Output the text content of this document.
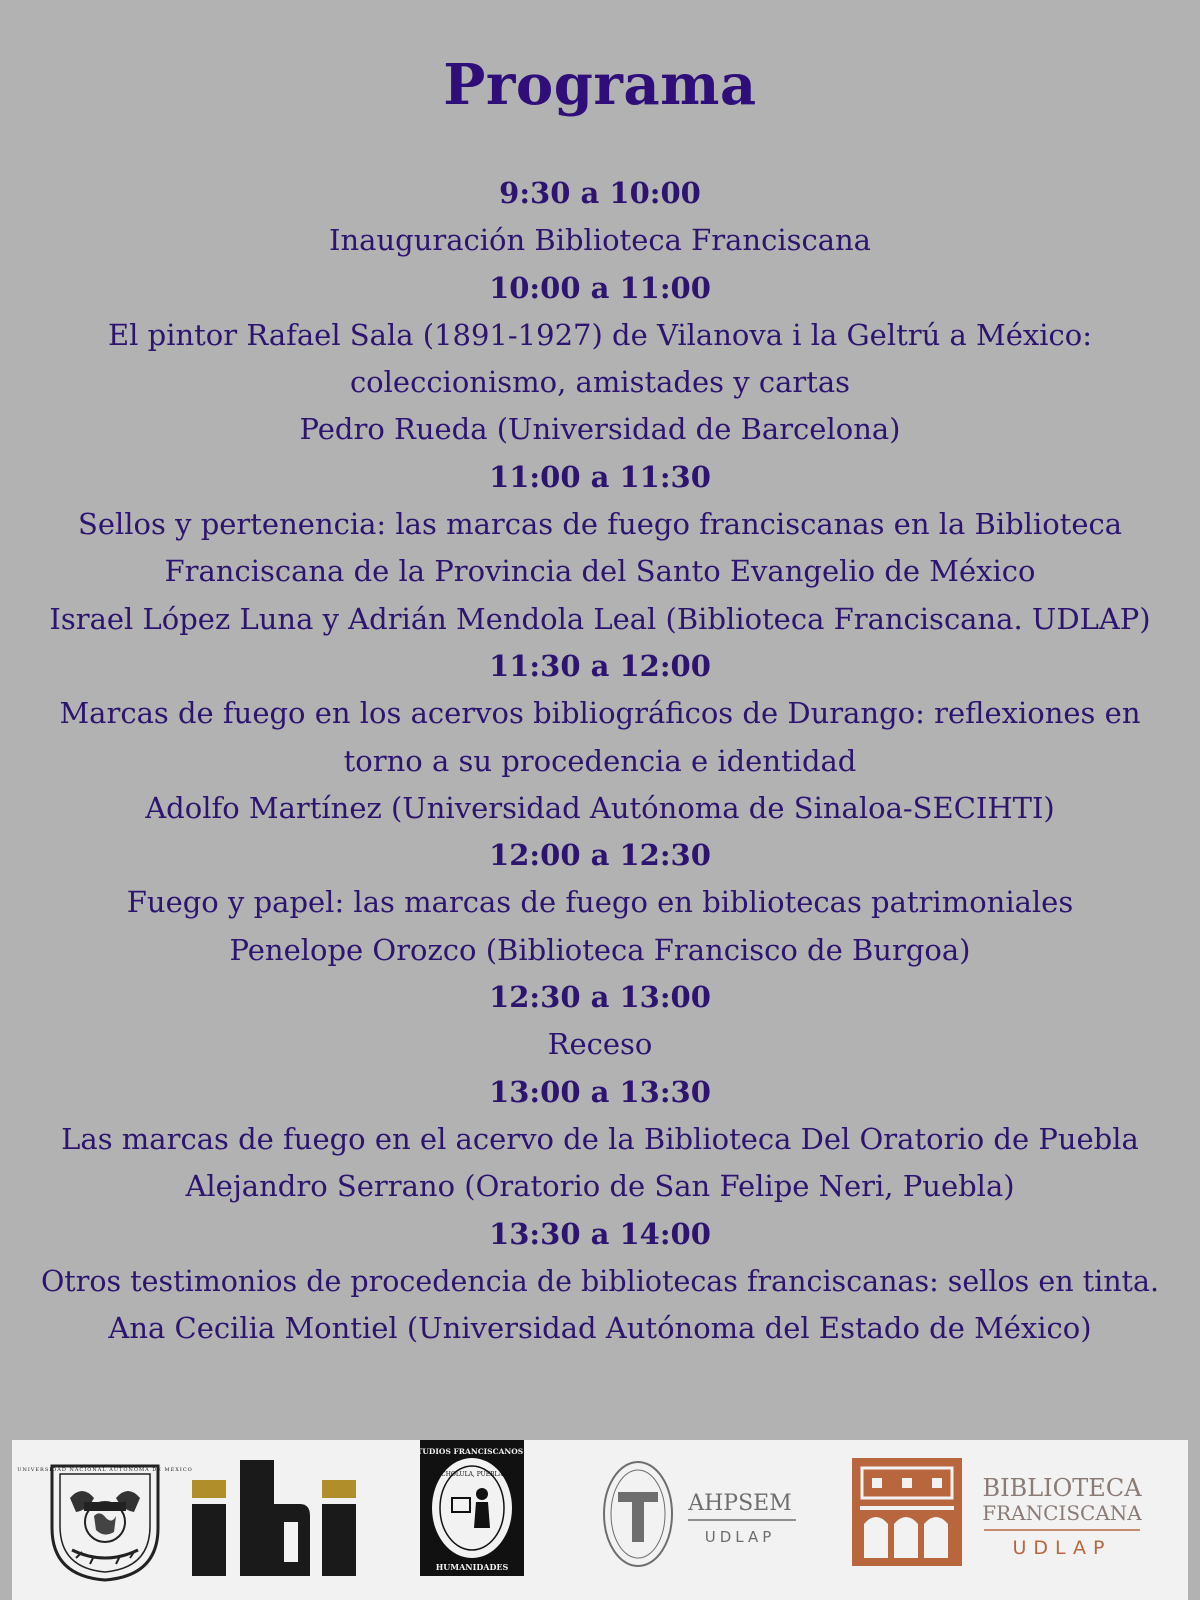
Programa
9:30 a 10:00
Inauguración Biblioteca Franciscana
10:00 a 11:00
El pintor Rafael Sala (1891-1927) de Vilanova i la Geltrú a México:
coleccionismo, amistades y cartas
Pedro Rueda (Universidad de Barcelona)
11:00 a 11:30
Sellos y pertenencia: las marcas de fuego franciscanas en la Biblioteca
Franciscana de la Provincia del Santo Evangelio de México
Israel López Luna y Adrián Mendola Leal (Biblioteca Franciscana. UDLAP)
11:30 a 12:00
Marcas de fuego en los acervos bibliográficos de Durango: reflexiones en
torno a su procedencia e identidad
Adolfo Martínez (Universidad Autónoma de Sinaloa-SECIHTI)
12:00 a 12:30
Fuego y papel: las marcas de fuego en bibliotecas patrimoniales
Penelope Orozco (Biblioteca Francisco de Burgoa)
12:30 a 13:00
Receso
13:00 a 13:30
Las marcas de fuego en el acervo de la Biblioteca Del Oratorio de Puebla
Alejandro Serrano (Oratorio de San Felipe Neri, Puebla)
13:30 a 14:00
Otros testimonios de procedencia de bibliotecas franciscanas: sellos en tinta.
Ana Cecilia Montiel (Universidad Autónoma del Estado de México)
UNIVERSIDAD NACIONAL AUTÓNOMA DE MÉXICO
ESTUDIOS FRANCISCANOS EN
CHOLULA, PUEBLA
HUMANIDADES
AHPSEM
UDLAP
BIBLIOTECA
FRANCISCANA
UDLAP
